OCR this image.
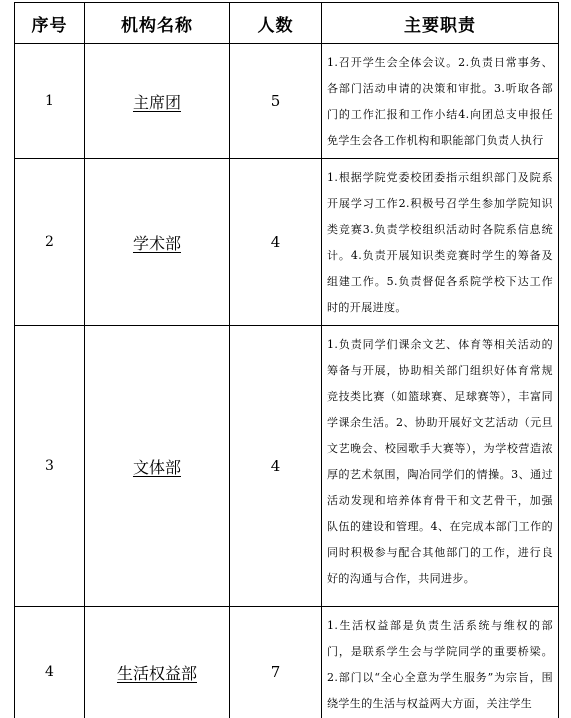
序号	机构名称	人数	主要职责
1	主席团	5	1.召开学生会全体会议。2.负责日常事务、各部门活动申请的决策和审批。3.听取各部门的工作汇报和工作小结4.向团总支申报任免学生会各工作机构和职能部门负责人执行

2	学术部	4	1.根据学院党委校团委指示组织部门及院系开展学习工作2.积极号召学生参加学院知识类竞赛3.负责学校组织活动时各院系信息统计。4.负责开展知识类竞赛时学生的筹备及组建工作。5.负责督促各系院学校下达工作时的开展进度。

3	文体部	4	1.负责同学们课余文艺、体育等相关活动的筹备与开展，协助相关部门组织好体育常规竞技类比赛（如篮球赛、足球赛等），丰富同学课余生活。2、协助开展好文艺活动（元旦文艺晚会、校园歌手大赛等），为学校营造浓厚的艺术氛围，陶冶同学们的情操。3、通过活动发现和培养体育骨干和文艺骨干，加强队伍的建设和管理。4、在完成本部门工作的同时积极参与配合其他部门的工作，进行良好的沟通与合作，共同进步。

4	生活权益部	7	1.生活权益部是负责生活系统与维权的部门，是联系学生会与学院同学的重要桥梁。2.部门以“全心全意为学生服务”为宗旨，围绕学生的生活与权益两大方面，关注学生
